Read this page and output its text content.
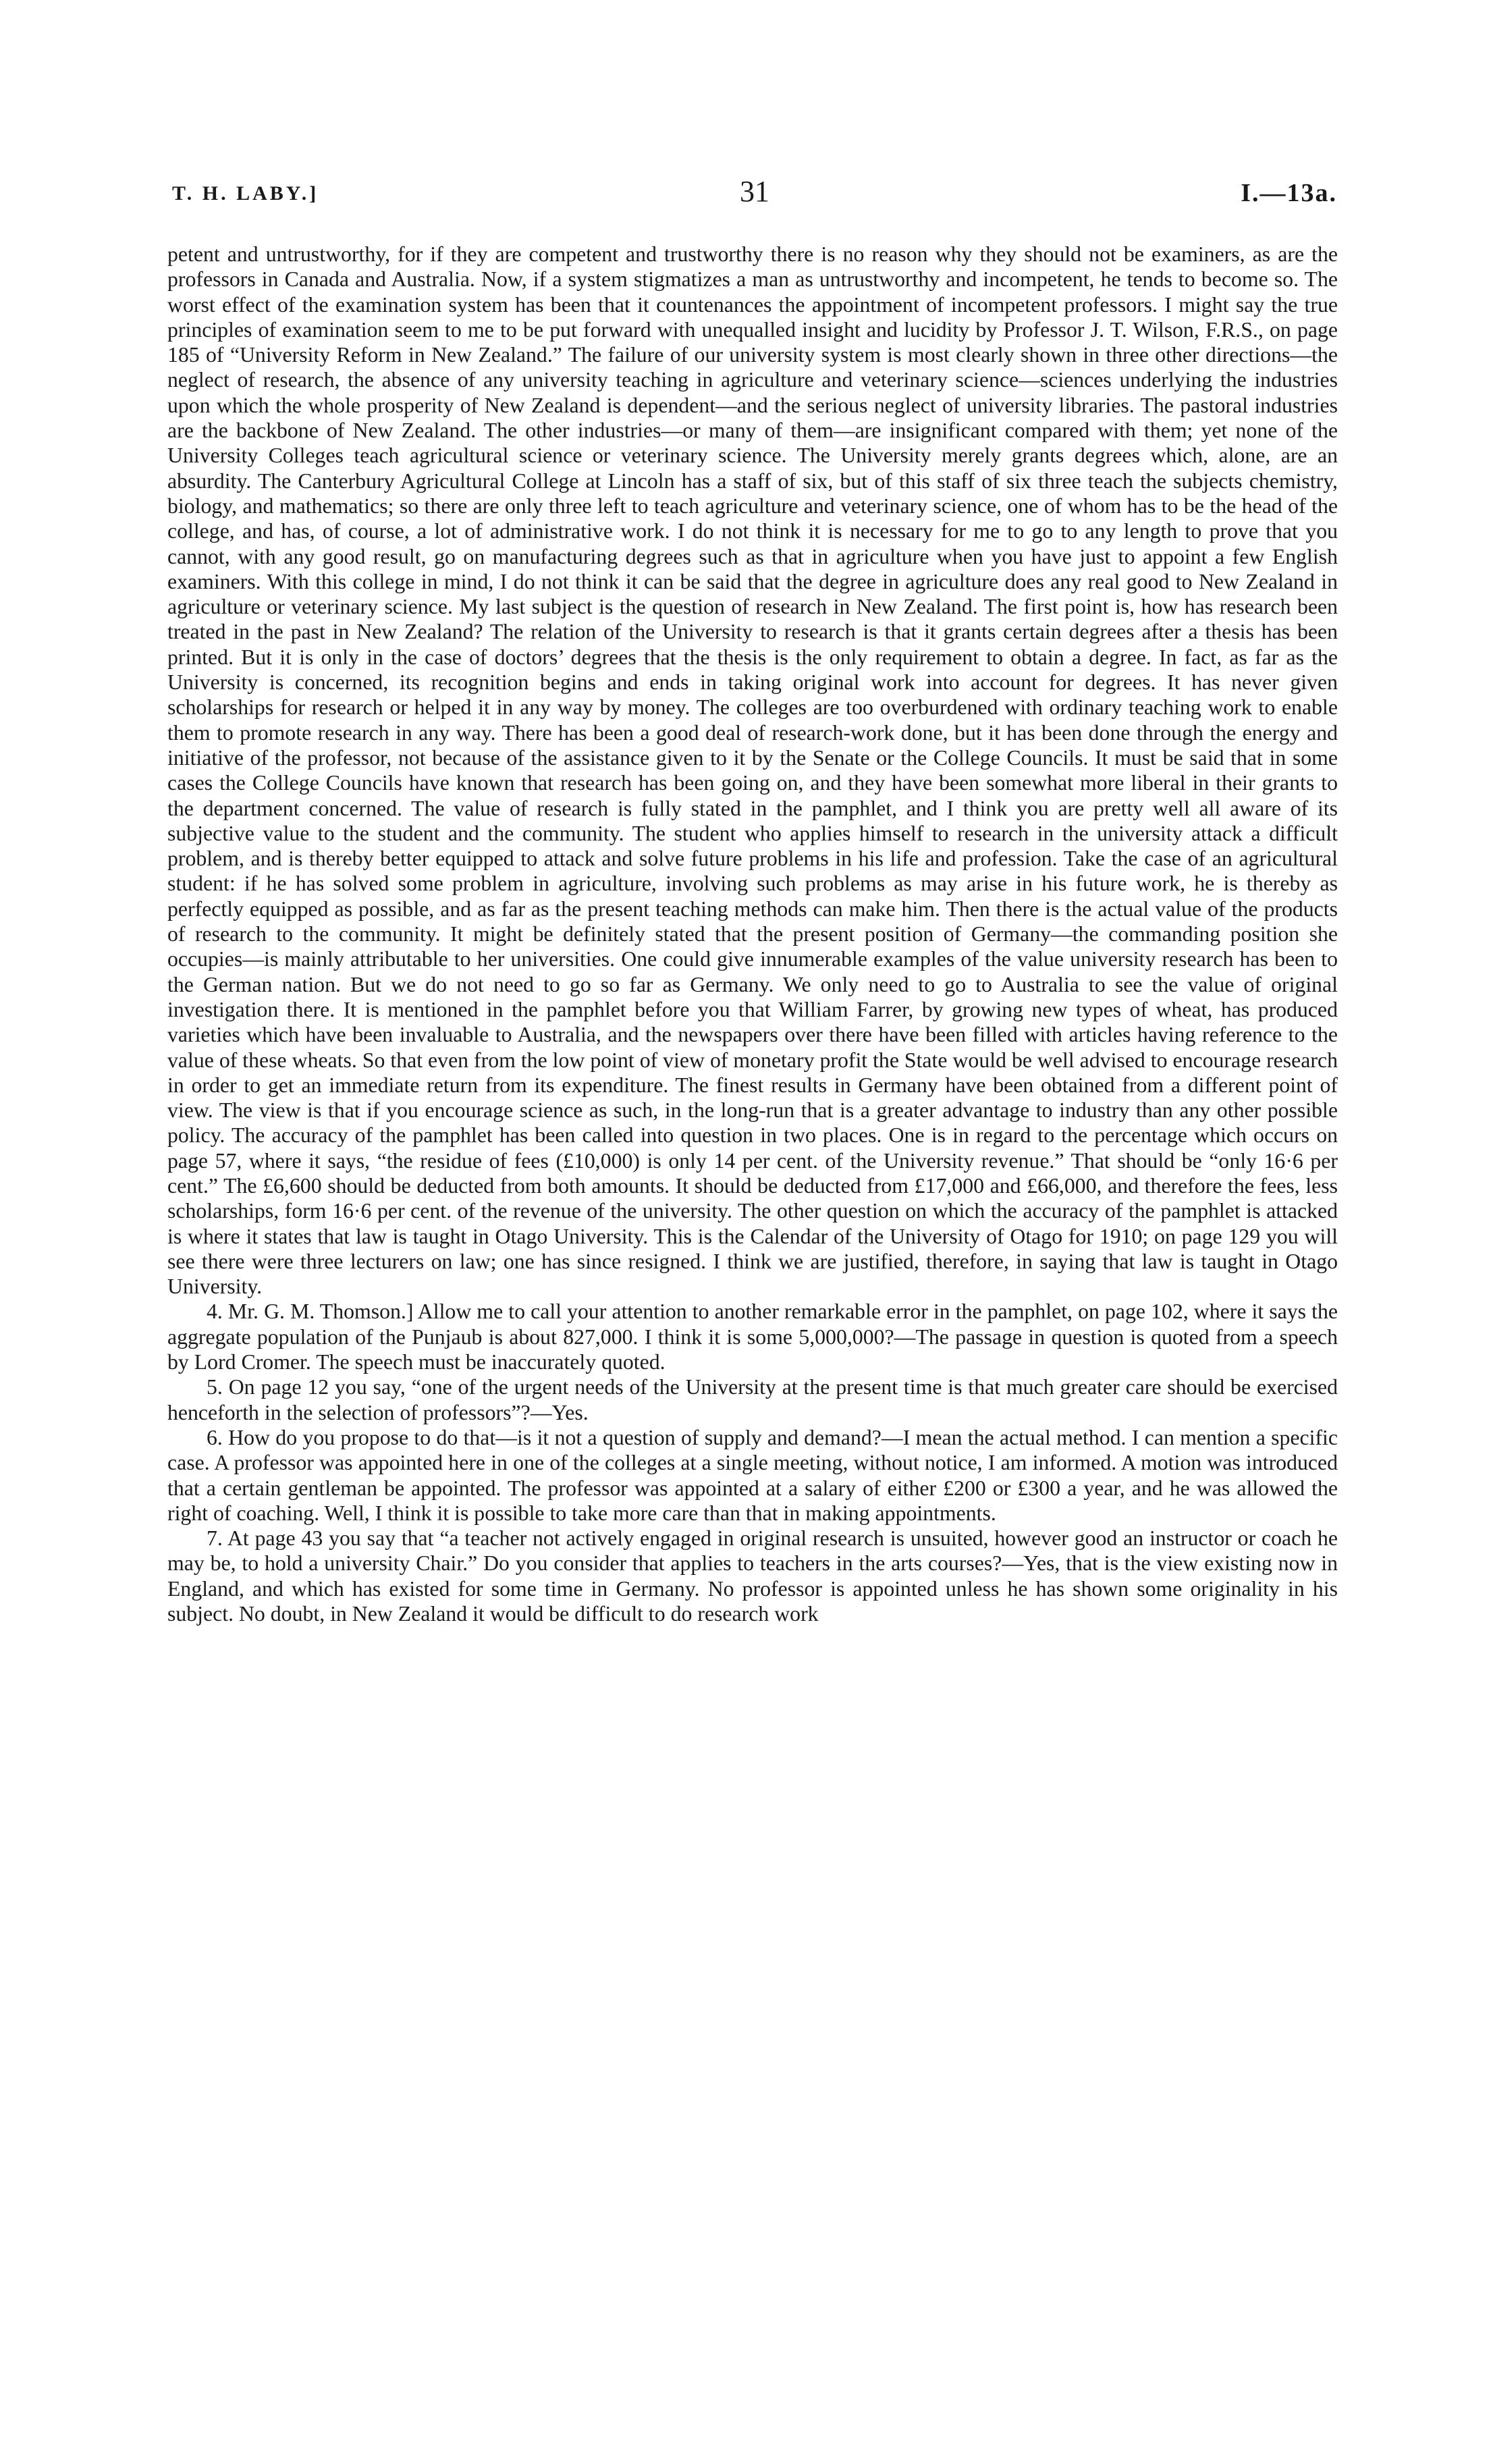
T. H. LABY.]	31	I.—13a.

petent and untrustworthy, for if they are competent and trustworthy there is no reason why they should not be examiners, as are the professors in Canada and Australia. Now, if a system stigmatizes a man as untrustworthy and incompetent, he tends to become so. The worst effect of the examination system has been that it countenances the appointment of incompetent professors. I might say the true principles of examination seem to me to be put forward with unequalled insight and lucidity by Professor J. T. Wilson, F.R.S., on page 185 of “University Reform in New Zealand.” The failure of our university system is most clearly shown in three other directions—the neglect of research, the absence of any university teaching in agriculture and veterinary science—sciences underlying the industries upon which the whole prosperity of New Zealand is dependent—and the serious neglect of university libraries. The pastoral industries are the backbone of New Zealand. The other industries—or many of them—are insignificant compared with them; yet none of the University Colleges teach agricultural science or veterinary science. The University merely grants degrees which, alone, are an absurdity. The Canterbury Agricultural College at Lincoln has a staff of six, but of this staff of six three teach the subjects chemistry, biology, and mathematics; so there are only three left to teach agriculture and veterinary science, one of whom has to be the head of the college, and has, of course, a lot of administrative work. I do not think it is necessary for me to go to any length to prove that you cannot, with any good result, go on manufacturing degrees such as that in agriculture when you have just to appoint a few English examiners. With this college in mind, I do not think it can be said that the degree in agriculture does any real good to New Zealand in agriculture or veterinary science. My last subject is the question of research in New Zealand. The first point is, how has research been treated in the past in New Zealand? The relation of the University to research is that it grants certain degrees after a thesis has been printed. But it is only in the case of doctors’ degrees that the thesis is the only requirement to obtain a degree. In fact, as far as the University is concerned, its recognition begins and ends in taking original work into account for degrees. It has never given scholarships for research or helped it in any way by money. The colleges are too overburdened with ordinary teaching work to enable them to promote research in any way. There has been a good deal of research-work done, but it has been done through the energy and initiative of the professor, not because of the assistance given to it by the Senate or the College Councils. It must be said that in some cases the College Councils have known that research has been going on, and they have been somewhat more liberal in their grants to the department concerned. The value of research is fully stated in the pamphlet, and I think you are pretty well all aware of its subjective value to the student and the community. The student who applies himself to research in the university attack a difficult problem, and is thereby better equipped to attack and solve future problems in his life and profession. Take the case of an agricultural student: if he has solved some problem in agriculture, involving such problems as may arise in his future work, he is thereby as perfectly equipped as possible, and as far as the present teaching methods can make him. Then there is the actual value of the products of research to the community. It might be definitely stated that the present position of Germany—the commanding position she occupies—is mainly attributable to her universities. One could give innumerable examples of the value university research has been to the German nation. But we do not need to go so far as Germany. We only need to go to Australia to see the value of original investigation there. It is mentioned in the pamphlet before you that William Farrer, by growing new types of wheat, has produced varieties which have been invaluable to Australia, and the newspapers over there have been filled with articles having reference to the value of these wheats. So that even from the low point of view of monetary profit the State would be well advised to encourage research in order to get an immediate return from its expenditure. The finest results in Germany have been obtained from a different point of view. The view is that if you encourage science as such, in the long-run that is a greater advantage to industry than any other possible policy. The accuracy of the pamphlet has been called into question in two places. One is in regard to the percentage which occurs on page 57, where it says, “the residue of fees (£10,000) is only 14 per cent. of the University revenue.” That should be “only 16·6 per cent.” The £6,600 should be deducted from both amounts. It should be deducted from £17,000 and £66,000, and therefore the fees, less scholarships, form 16·6 per cent. of the revenue of the university. The other question on which the accuracy of the pamphlet is attacked is where it states that law is taught in Otago University. This is the Calendar of the University of Otago for 1910; on page 129 you will see there were three lecturers on law; one has since resigned. I think we are justified, therefore, in saying that law is taught in Otago University.

4. Mr. G. M. Thomson.] Allow me to call your attention to another remarkable error in the pamphlet, on page 102, where it says the aggregate population of the Punjaub is about 827,000. I think it is some 5,000,000?—The passage in question is quoted from a speech by Lord Cromer. The speech must be inaccurately quoted.

5. On page 12 you say, “one of the urgent needs of the University at the present time is that much greater care should be exercised henceforth in the selection of professors”?—Yes.

6. How do you propose to do that—is it not a question of supply and demand?—I mean the actual method. I can mention a specific case. A professor was appointed here in one of the colleges at a single meeting, without notice, I am informed. A motion was introduced that a certain gentleman be appointed. The professor was appointed at a salary of either £200 or £300 a year, and he was allowed the right of coaching. Well, I think it is possible to take more care than that in making appointments.

7. At page 43 you say that “a teacher not actively engaged in original research is unsuited, however good an instructor or coach he may be, to hold a university Chair.” Do you consider that applies to teachers in the arts courses?—Yes, that is the view existing now in England, and which has existed for some time in Germany. No professor is appointed unless he has shown some originality in his subject. No doubt, in New Zealand it would be difficult to do research work
